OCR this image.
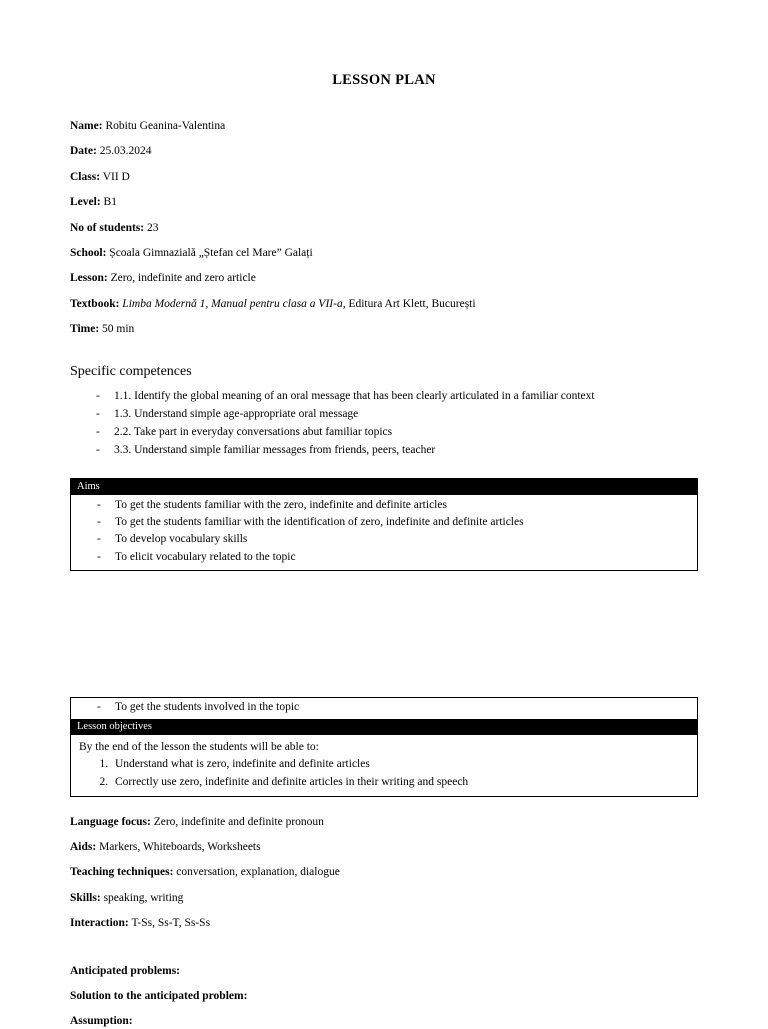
LESSON PLAN

Name: Robitu Geanina-Valentina

Date: 25.03.2024

Class: VII D

Level: B1

No of students: 23

School: Școala Gimnazială „Ștefan cel Mare” Galați

Lesson: Zero, indefinite and zero article

Textbook: Limba Modernă 1, Manual pentru clasa a VII-a, Editura Art Klett, București

Time: 50 min

Specific competences
- 1.1. Identify the global meaning of an oral message that has been clearly articulated in a familiar context
- 1.3. Understand simple age-appropriate oral message
- 2.2. Take part in everyday conversations abut familiar topics
- 3.3. Understand simple familiar messages from friends, peers, teacher
Aims
- To get the students familiar with the zero, indefinite and definite articles
- To get the students familiar with the identification of zero, indefinite and definite articles
- To develop vocabulary skills
- To elicit vocabulary related to the topic
- To get the students involved in the topic
Lesson objectives

By the end of the lesson the students will be able to:

1. Understand what is zero, indefinite and definite articles
2. Correctly use zero, indefinite and definite articles in their writing and speech

Language focus: Zero, indefinite and definite pronoun

Aids: Markers, Whiteboards, Worksheets

Teaching techniques: conversation, explanation, dialogue

Skills: speaking, writing

Interaction: T-Ss, Ss-T, Ss-Ss

Anticipated problems:

Solution to the anticipated problem:

Assumption:
